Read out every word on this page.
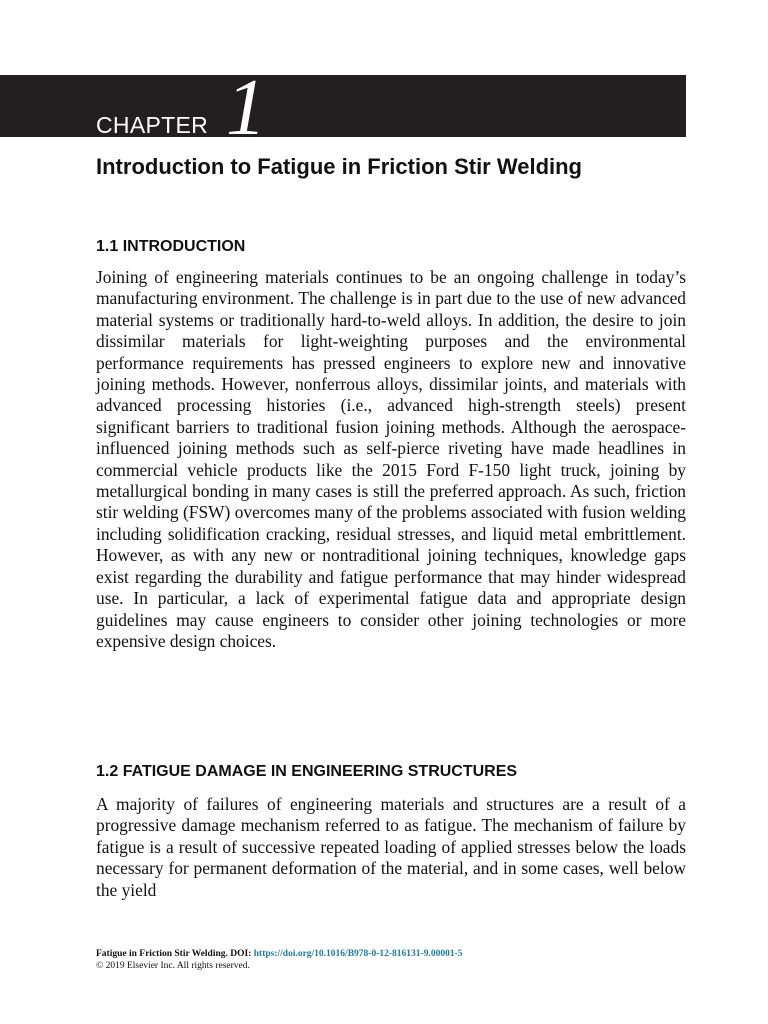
CHAPTER 1
Introduction to Fatigue in Friction Stir Welding
1.1 INTRODUCTION

Joining of engineering materials continues to be an ongoing challenge in today’s manufacturing environment. The challenge is in part due to the use of new advanced material systems or traditionally hard-to-weld alloys. In addition, the desire to join dissimilar materials for light-weighting purposes and the environmental performance requirements has pressed engineers to explore new and innovative joining methods. However, nonferrous alloys, dissimilar joints, and materials with advanced processing histories (i.e., advanced high-strength steels) present significant barriers to traditional fusion joining methods. Although the aerospace-influenced joining methods such as self-pierce riveting have made headlines in commercial vehicle products like the 2015 Ford F-150 light truck, joining by metallurgical bonding in many cases is still the preferred approach. As such, friction stir welding (FSW) overcomes many of the problems associated with fusion welding including solidification cracking, residual stresses, and liquid metal embrittlement. However, as with any new or nontraditional joining techniques, knowledge gaps exist regarding the durability and fatigue performance that may hinder widespread use. In particular, a lack of experimental fatigue data and appropriate design guidelines may cause engineers to consider other joining technologies or more expensive design choices.

1.2 FATIGUE DAMAGE IN ENGINEERING STRUCTURES

A majority of failures of engineering materials and structures are a result of a progressive damage mechanism referred to as fatigue. The mechanism of failure by fatigue is a result of successive repeated loading of applied stresses below the loads necessary for permanent deformation of the material, and in some cases, well below the yield

Fatigue in Friction Stir Welding. DOI: https://doi.org/10.1016/B978-0-12-816131-9.00001-5
© 2019 Elsevier Inc. All rights reserved.
